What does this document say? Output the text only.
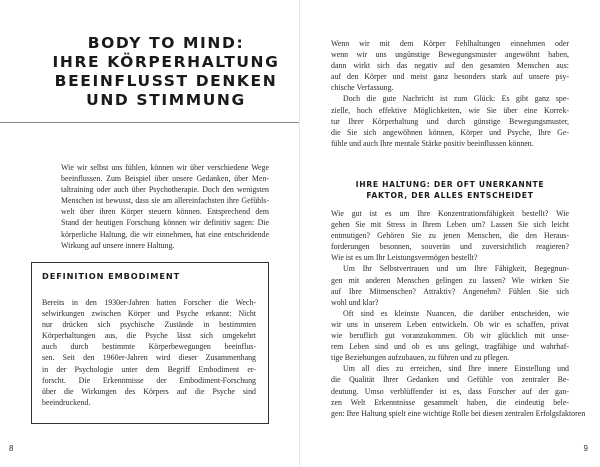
BODY TO MIND:
IHRE KÖRPERHALTUNG
BEEINFLUSST DENKEN
UND STIMMUNG
Wie wir selbst uns fühlen, können wir über verschiedene Wege
beeinflussen. Zum Beispiel über unsere Gedanken, über Men-
taltraining oder auch über Psychotherapie. Doch den wenigsten
Menschen ist bewusst, dass sie am allereinfachsten ihre Gefühls-
welt über ihren Körper steuern können. Entsprechend dem
Stand der heutigen Forschung können wir definitiv sagen: Die
körperliche Haltung, die wir einnehmen, hat eine entscheidende
Wirkung auf unsere innere Haltung.
DEFINITION EMBODIMENT
Bereits in den 1930er-Jahren hatten Forscher die Wech-
selwirkungen zwischen Körper und Psyche erkannt: Nicht
nur drücken sich psychische Zustände in bestimmten
Körperhaltungen aus, die Psyche lässt sich umgekehrt
auch durch bestimmte Körperbewegungen beeinflus-
sen. Seit den 1960er-Jahren wird dieser Zusammenhang
in der Psychologie unter dem Begriff Embodiment er-
forscht. Die Erkenntnisse der Embodiment-Forschung
über die Wirkungen des Körpers auf die Psyche sind
beeindruckend.
8
Wenn wir mit dem Körper Fehlhaltungen einnehmen oder
wenn wir uns ungünstige Bewegungsmuster angewöhnt haben,
dann wirkt sich das negativ auf den gesamten Menschen aus:
auf den Körper und meist ganz besonders stark auf unsere psy-
chische Verfassung.
Doch die gute Nachricht ist zum Glück: Es gibt ganz spe-
zielle, hoch effektive Möglichkeiten, wie Sie über eine Korrek-
tur Ihrer Körperhaltung und durch günstige Bewegungsmuster,
die Sie sich angewöhnen können, Körper und Psyche, Ihre Ge-
fühle und auch Ihre mentale Stärke positiv beeinflussen können.
IHRE HALTUNG: DER OFT UNERKANNTE
FAKTOR, DER ALLES ENTSCHEIDET
Wie gut ist es um Ihre Konzentrationsfähigkeit bestellt? Wie
gehen Sie mit Stress in Ihrem Leben um? Lassen Sie sich leicht
entmutigen? Gehören Sie zu jenen Menschen, die den Heraus-
forderungen besonnen, souverän und zuversichtlich reagieren?
Wie ist es um Ihr Leistungsvermögen bestellt?
Um Ihr Selbstvertrauen und um Ihre Fähigkeit, Begegnun-
gen mit anderen Menschen gelingen zu lassen? Wie wirken Sie
auf Ihre Mitmenschen? Attraktiv? Angenehm? Fühlen Sie sich
wohl und klar?
Oft sind es kleinste Nuancen, die darüber entscheiden, wie
wir uns in unserem Leben entwickeln. Ob wir es schaffen, privat
wie beruflich gut voranzukommen. Ob wir glücklich mit unse-
rem Leben sind und ob es uns gelingt, tragfähige und wahrhaf-
tige Beziehungen aufzubauen, zu führen und zu pflegen.
Um all dies zu erreichen, sind Ihre innere Einstellung und
die Qualität Ihrer Gedanken und Gefühle von zentraler Be-
deutung. Umso verblüffender ist es, dass Forscher auf der gan-
zen Welt Erkenntnisse gesammelt haben, die eindeutig bele-
gen: Ihre Haltung spielt eine wichtige Rolle bei diesen zentralen Erfolgsfaktoren
9
